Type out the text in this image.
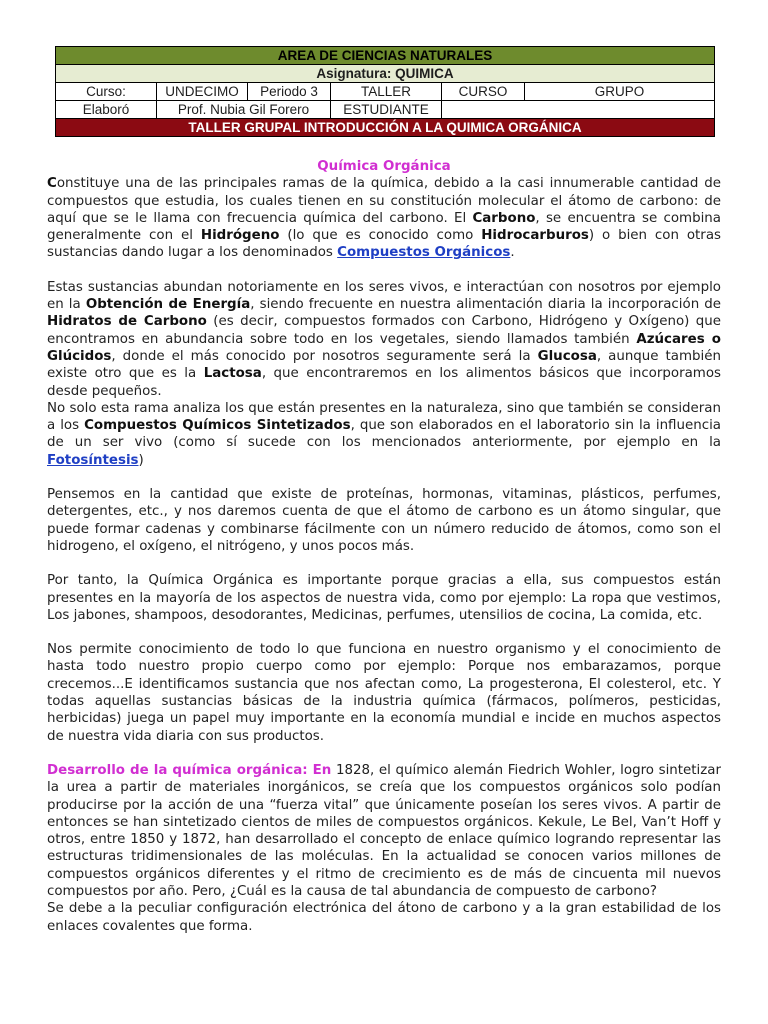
AREA DE CIENCIAS NATURALES					
Asignatura: QUIMICA					
Curso:	UNDECIMO	Periodo 3	TALLER	CURSO	GRUPO
Elaboró	Prof. Nubia Gil Forero		ESTUDIANTE		
TALLER GRUPAL INTRODUCCIÓN A LA QUIMICA ORGÁNICA					

Química Orgánica

Constituye una de las principales ramas de la química, debido a la casi innumerable cantidad de compuestos que estudia, los cuales tienen en su constitución molecular el átomo de carbono: de aquí que se le llama con frecuencia química del carbono. El Carbono, se encuentra se combina generalmente con el Hidrógeno (lo que es conocido como Hidrocarburos) o bien con otras sustancias dando lugar a los denominados Compuestos Orgánicos.

Estas sustancias abundan notoriamente en los seres vivos, e interactúan con nosotros por ejemplo en la Obtención de Energía, siendo frecuente en nuestra alimentación diaria la incorporación de Hidratos de Carbono (es decir, compuestos formados con Carbono, Hidrógeno y Oxígeno) que encontramos en abundancia sobre todo en los vegetales, siendo llamados también Azúcares o Glúcidos, donde el más conocido por nosotros seguramente será la Glucosa, aunque también existe otro que es la Lactosa, que encontraremos en los alimentos básicos que incorporamos desde pequeños.

No solo esta rama analiza los que están presentes en la naturaleza, sino que también se consideran a los Compuestos Químicos Sintetizados, que son elaborados en el laboratorio sin la influencia de un ser vivo (como sí sucede con los mencionados anteriormente, por ejemplo en la Fotosíntesis)

Pensemos en la cantidad que existe de proteínas, hormonas, vitaminas, plásticos, perfumes, detergentes, etc., y nos daremos cuenta de que el átomo de carbono es un átomo singular, que puede formar cadenas y combinarse fácilmente con un número reducido de átomos, como son el hidrogeno, el oxígeno, el nitrógeno, y unos pocos más.

Por tanto, la Química Orgánica es importante porque gracias a ella, sus compuestos están presentes en la mayoría de los aspectos de nuestra vida, como por ejemplo: La ropa que vestimos, Los jabones, shampoos, desodorantes, Medicinas, perfumes, utensilios de cocina, La comida, etc.

Nos permite conocimiento de todo lo que funciona en nuestro organismo y el conocimiento de hasta todo nuestro propio cuerpo como por ejemplo: Porque nos embarazamos, porque crecemos...E identificamos sustancia que nos afectan como, La progesterona, El colesterol, etc. Y todas aquellas sustancias básicas de la industria química (fármacos, polímeros, pesticidas, herbicidas) juega un papel muy importante en la economía mundial e incide en muchos aspectos de nuestra vida diaria con sus productos.

Desarrollo de la química orgánica: En 1828, el químico alemán Fiedrich Wohler, logro sintetizar la urea a partir de materiales inorgánicos, se creía que los compuestos orgánicos solo podían producirse por la acción de una “fuerza vital” que únicamente poseían los seres vivos. A partir de entonces se han sintetizado cientos de miles de compuestos orgánicos. Kekule, Le Bel, Van’t Hoff y otros, entre 1850 y 1872, han desarrollado el concepto de enlace químico logrando representar las estructuras tridimensionales de las moléculas. En la actualidad se conocen varios millones de compuestos orgánicos diferentes y el ritmo de crecimiento es de más de cincuenta mil nuevos compuestos por año. Pero, ¿Cuál es la causa de tal abundancia de compuesto de carbono?

Se debe a la peculiar configuración electrónica del átono de carbono y a la gran estabilidad de los enlaces covalentes que forma.
